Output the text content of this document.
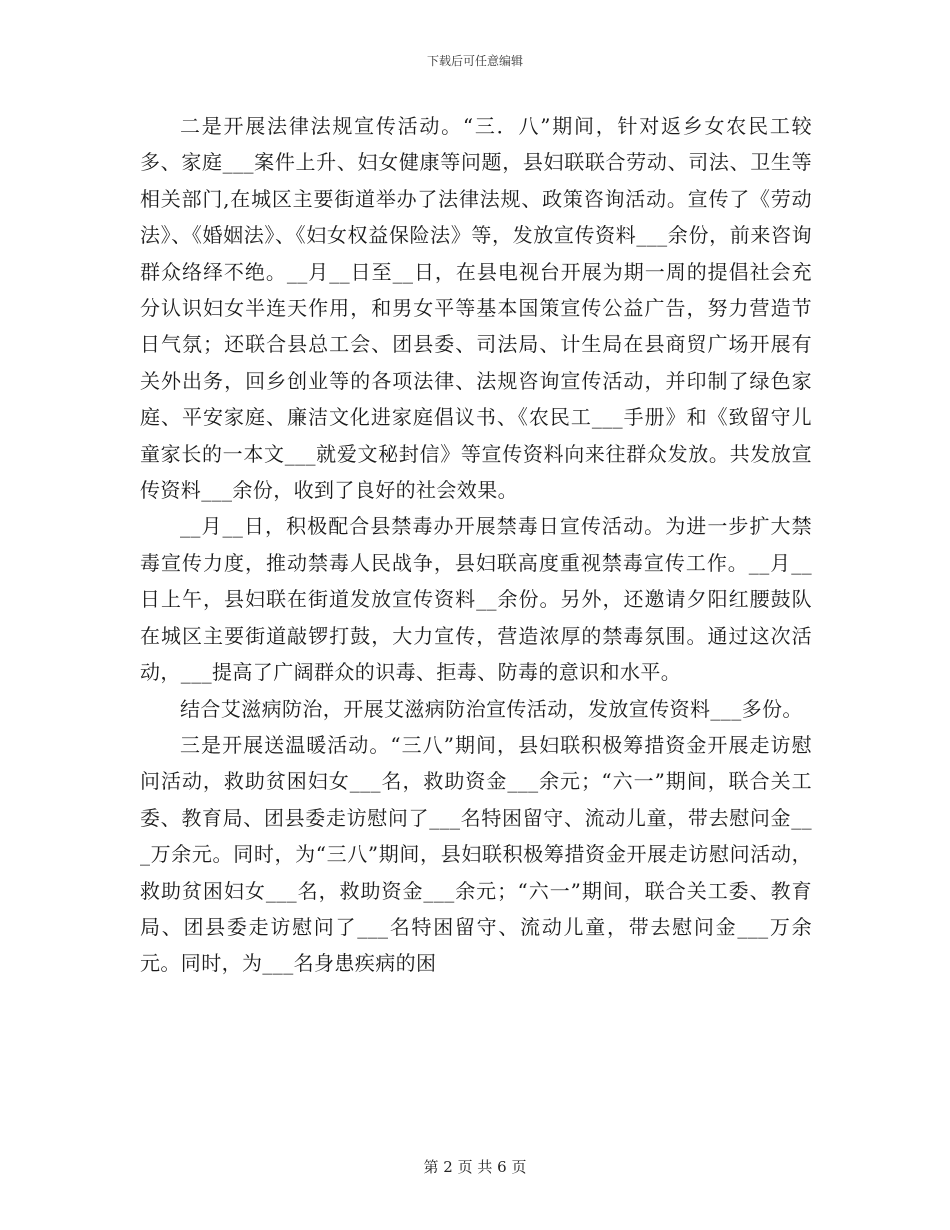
下载后可任意编辑

二是开展法律法规宣传活动。“三．八”期间，针对返乡女农民工较多、家庭___案件上升、妇女健康等问题，县妇联联合劳动、司法、卫生等相关部门,在城区主要街道举办了法律法规、政策咨询活动。宣传了《劳动法》、《婚姻法》、《妇女权益保险法》等，发放宣传资料___余份，前来咨询群众络绎不绝。__月__日至__日，在县电视台开展为期一周的提倡社会充分认识妇女半连天作用，和男女平等基本国策宣传公益广告，努力营造节日气氛；还联合县总工会、团县委、司法局、计生局在县商贸广场开展有关外出务，回乡创业等的各项法律、法规咨询宣传活动，并印制了绿色家庭、平安家庭、廉洁文化进家庭倡议书、《农民工___手册》和《致留守儿童家长的一本文___就爱文秘封信》等宣传资料向来往群众发放。共发放宣传资料___余份，收到了良好的社会效果。

__月__日，积极配合县禁毒办开展禁毒日宣传活动。为进一步扩大禁毒宣传力度，推动禁毒人民战争，县妇联高度重视禁毒宣传工作。__月__日上午，县妇联在街道发放宣传资料__余份。另外，还邀请夕阳红腰鼓队在城区主要街道敲锣打鼓，大力宣传，营造浓厚的禁毒氛围。通过这次活动，___提高了广阔群众的识毒、拒毒、防毒的意识和水平。

结合艾滋病防治，开展艾滋病防治宣传活动，发放宣传资料___多份。

三是开展送温暖活动。“三八”期间，县妇联积极筹措资金开展走访慰问活动，救助贫困妇女___名，救助资金___余元；“六一”期间，联合关工委、教育局、团县委走访慰问了___名特困留守、流动儿童，带去慰问金___万余元。同时，为“三八”期间，县妇联积极筹措资金开展走访慰问活动，救助贫困妇女___名，救助资金___余元；“六一”期间，联合关工委、教育局、团县委走访慰问了___名特困留守、流动儿童，带去慰问金___万余元。同时，为___名身患疾病的困

第 2 页 共 6 页
